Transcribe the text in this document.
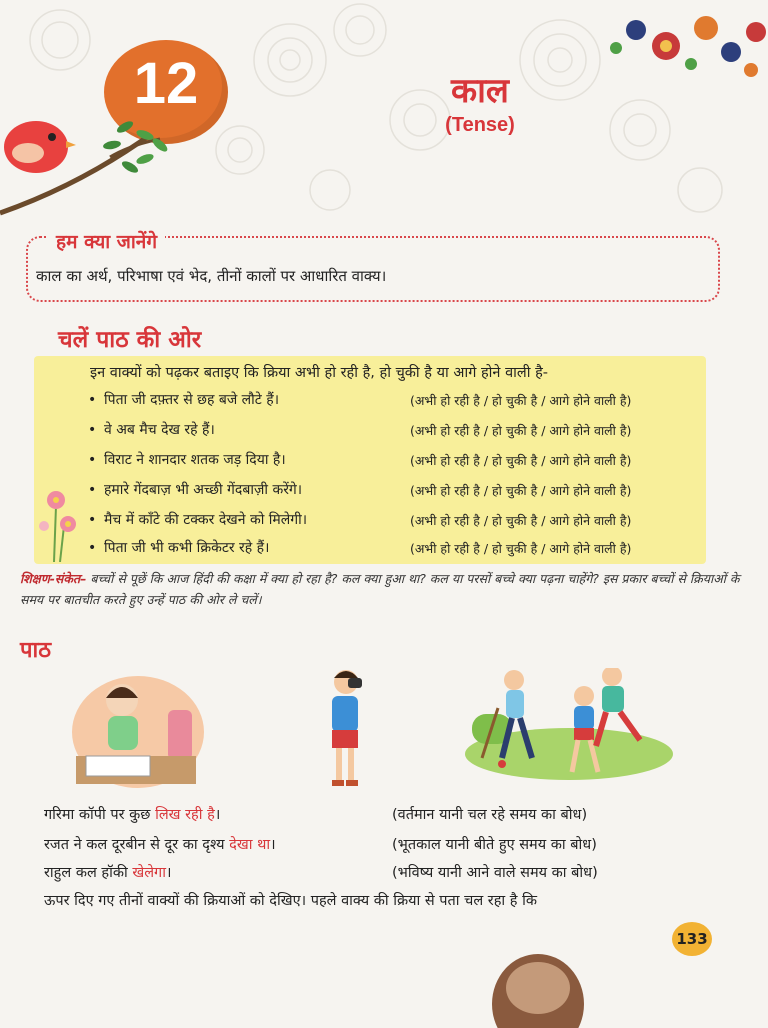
12	काल
(Tense)
हम क्या जानेंगे
काल का अर्थ, परिभाषा एवं भेद, तीनों कालों पर आधारित वाक्य।
चलें पाठ की ओर
इन वाक्यों को पढ़कर बताइए कि क्रिया अभी हो रही है, हो चुकी है या आगे होने वाली है-
• पिता जी दफ़्तर से छह बजे लौटे हैं।	(अभी हो रही है / हो चुकी है / आगे होने वाली है)
• वे अब मैच देख रहे हैं।	(अभी हो रही है / हो चुकी है / आगे होने वाली है)
• विराट ने शानदार शतक जड़ दिया है।	(अभी हो रही है / हो चुकी है / आगे होने वाली है)
• हमारे गेंदबाज़ भी अच्छी गेंदबाज़ी करेंगे।	(अभी हो रही है / हो चुकी है / आगे होने वाली है)
• मैच में काँटे की टक्कर देखने को मिलेगी।	(अभी हो रही है / हो चुकी है / आगे होने वाली है)
• पिता जी भी कभी क्रिकेटर रहे हैं।	(अभी हो रही है / हो चुकी है / आगे होने वाली है)
शिक्षण-संकेत– बच्चों से पूछें कि आज हिंदी की कक्षा में क्या हो रहा है? कल क्या हुआ था? कल या परसों बच्चे क्या पढ़ना चाहेंगे? इस प्रकार बच्चों से क्रियाओं के समय पर बातचीत करते हुए उन्हें पाठ की ओर ले चलें।
पाठ
गरिमा कॉपी पर कुछ लिख रही है।	(वर्तमान यानी चल रहे समय का बोध)
रजत ने कल दूरबीन से दूर का दृश्य देखा था।	(भूतकाल यानी बीते हुए समय का बोध)
राहुल कल हॉकी खेलेगा।	(भविष्य यानी आने वाले समय का बोध)
ऊपर दिए गए तीनों वाक्यों की क्रियाओं को देखिए। पहले वाक्य की क्रिया से पता चल रहा है कि
133
